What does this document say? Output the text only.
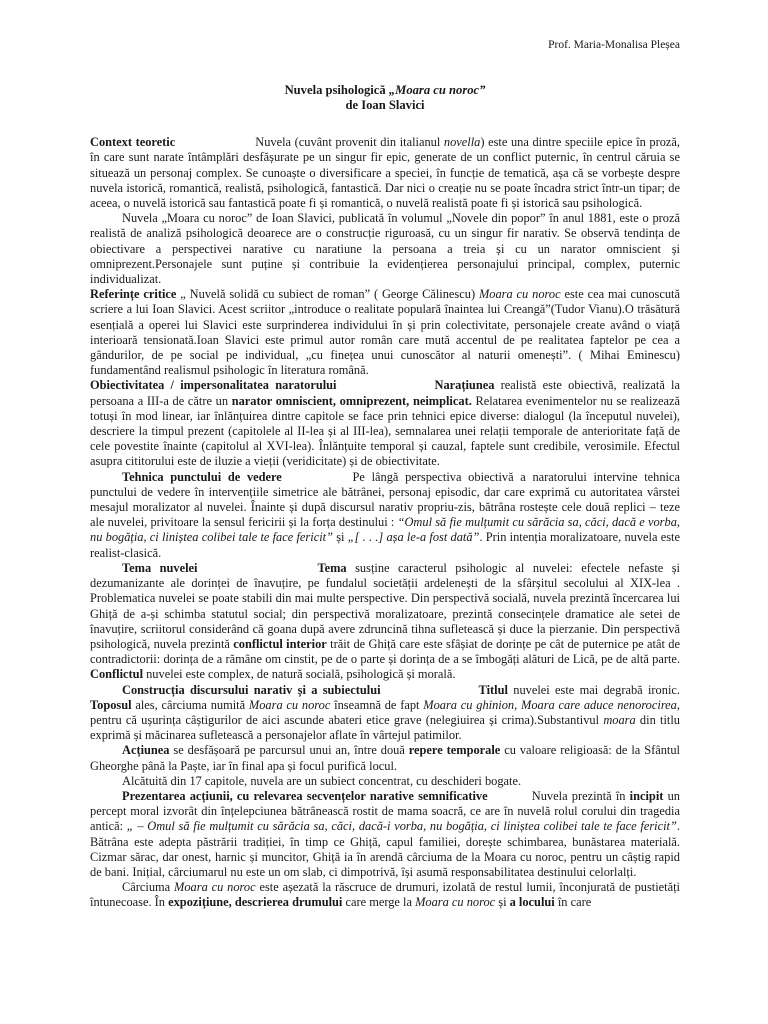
Prof. Maria-Monalisa Pleșea
Nuvela psihologică „Moara cu noroc”
de Ioan Slavici

Context teoretic	Nuvela (cuvânt provenit din italianul novella) este una dintre speciile epice în proză, în care sunt narate întâmplări desfășurate pe un singur fir epic, generate de un conflict puternic, în centrul căruia se situează un personaj complex. Se cunoaște o diversificare a speciei, în funcție de tematică, așa că se vorbește despre nuvela istorică, romantică, realistă, psihologică, fantastică. Dar nici o creație nu se poate încadra strict într-un tipar; de aceea, o nuvelă istorică sau fantastică poate fi și romantică, o nuvelă realistă poate fi și istorică sau psihologică.

Nuvela „Moara cu noroc” de Ioan Slavici, publicată în volumul „Novele din popor” în anul 1881, este o proză realistă de analiză psihologică deoarece are o construcție riguroasă, cu un singur fir narativ. Se observă tendința de obiectivare a perspectivei narative cu naratiune la persoana a treia și cu un narator omniscient și omniprezent.Personajele sunt puține și contribuie la evidențierea personajului principal, complex, puternic individualizat.

Referințe critice „ Nuvelă solidă cu subiect de roman” ( George Călinescu) Moara cu noroc este cea mai cunoscută scriere a lui Ioan Slavici. Acest scriitor „introduce o realitate populară înaintea lui Creangă”(Tudor Vianu).O trăsătură esențială a operei lui Slavici este surprinderea individului în și prin colectivitate, personajele create având o viață interioară tensionată.Ioan Slavici este primul autor român care mută accentul de pe realitatea faptelor pe cea a gândurilor, de pe social pe individual, „cu finețea unui cunoscător al naturii omenești”. ( Mihai Eminescu) fundamentând realismul psihologic în literatura română.

Obiectivitatea / impersonalitatea naratorului	Narațiunea realistă este obiectivă, realizată la persoana a III-a de către un narator omniscient, omniprezent, neimplicat. Relatarea evenimentelor nu se realizează totuși în mod linear, iar înlănțuirea dintre capitole se face prin tehnici epice diverse: dialogul (la începutul nuvelei), descriere la timpul prezent (capitolele al II-lea și al III-lea), semnalarea unei relații temporale de anterioritate față de cele povestite înainte (capitolul al XVI-lea). Înlănțuite temporal și cauzal, faptele sunt credibile, verosimile. Efectul asupra cititorului este de iluzie a vieții (veridicitate) și de obiectivitate.

Tehnica punctului de vedere	Pe lângă perspectiva obiectivă a naratorului intervine tehnica punctului de vedere în intervențiile simetrice ale bătrânei, personaj episodic, dar care exprimă cu autoritatea vârstei mesajul moralizator al nuvelei. Înainte și după discursul narativ propriu-zis, bătrâna rostește cele două replici – teze ale nuvelei, privitoare la sensul fericirii și la forța destinului : “Omul să fie mulțumit cu sărăcia sa, căci, dacă e vorba, nu bogăția, ci liniștea colibei tale te face fericit” și „[ . . .] așa le-a fost dată”. Prin intenția moralizatoare, nuvela este realist-clasică.

Tema nuvelei	Tema susține caracterul psihologic al nuvelei: efectele nefaste și dezumanizante ale dorinței de înavuțire, pe fundalul societății ardelenești de la sfârșitul secolului al XIX-lea . Problematica nuvelei se poate stabili din mai multe perspective. Din perspectivă socială, nuvela prezintă încercarea lui Ghiță de a-și schimba statutul social; din perspectivă moralizatoare, prezintă consecințele dramatice ale setei de înavuțire, scriitorul considerând că goana după avere zdruncină tihna sufletească și duce la pierzanie. Din perspectivă psihologică, nuvela prezintă conflictul interior trăit de Ghiță care este sfâșiat de dorințe pe cât de puternice pe atât de contradictorii: dorința de a rămâne om cinstit, pe de o parte și dorința de a se îmbogăți alături de Lică, pe de altă parte. Conflictul nuvelei este complex, de natură socială, psihologică și morală.

Construcția discursului narativ și a subiectului	Titlul nuvelei este mai degrabă ironic. Toposul ales, cârciuma numită Moara cu noroc înseamnă de fapt Moara cu ghinion, Moara care aduce nenorocirea, pentru că ușurința câștigurilor de aici ascunde abateri etice grave (nelegiuirea și crima).Substantivul moara din titlu exprimă și măcinarea sufletească a personajelor aflate în vârtejul patimilor.

Acțiunea se desfășoară pe parcursul unui an, între două repere temporale cu valoare religioasă: de la Sfântul Gheorghe până la Paște, iar în final apa și focul purifică locul.

Alcătuită din 17 capitole, nuvela are un subiect concentrat, cu deschideri bogate.

Prezentarea acțiunii, cu relevarea secvențelor narative semnificative	Nuvela prezintă în incipit un percept moral izvorât din înțelepciunea bătrânească rostit de mama soacră, ce are în nuvelă rolul corului din tragedia antică: „ – Omul să fie mulțumit cu sărăcia sa, căci, dacă-i vorba, nu bogăția, ci liniștea colibei tale te face fericit”. Bătrâna este adepta păstrării tradiției, în timp ce Ghiță, capul familiei, dorește schimbarea, bunăstarea materială. Cizmar sărac, dar onest, harnic și muncitor, Ghiță ia în arendă cârciuma de la Moara cu noroc, pentru un câștig rapid de bani. Inițial, cârciumarul nu este un om slab, ci dimpotrivă, își asumă responsabilitatea destinului celorlalți.

Cârciuma Moara cu noroc este așezată la răscruce de drumuri, izolată de restul lumii, înconjurată de pustietăți întunecoase. În expozițiune, descrierea drumului care merge la Moara cu noroc și a locului în care
